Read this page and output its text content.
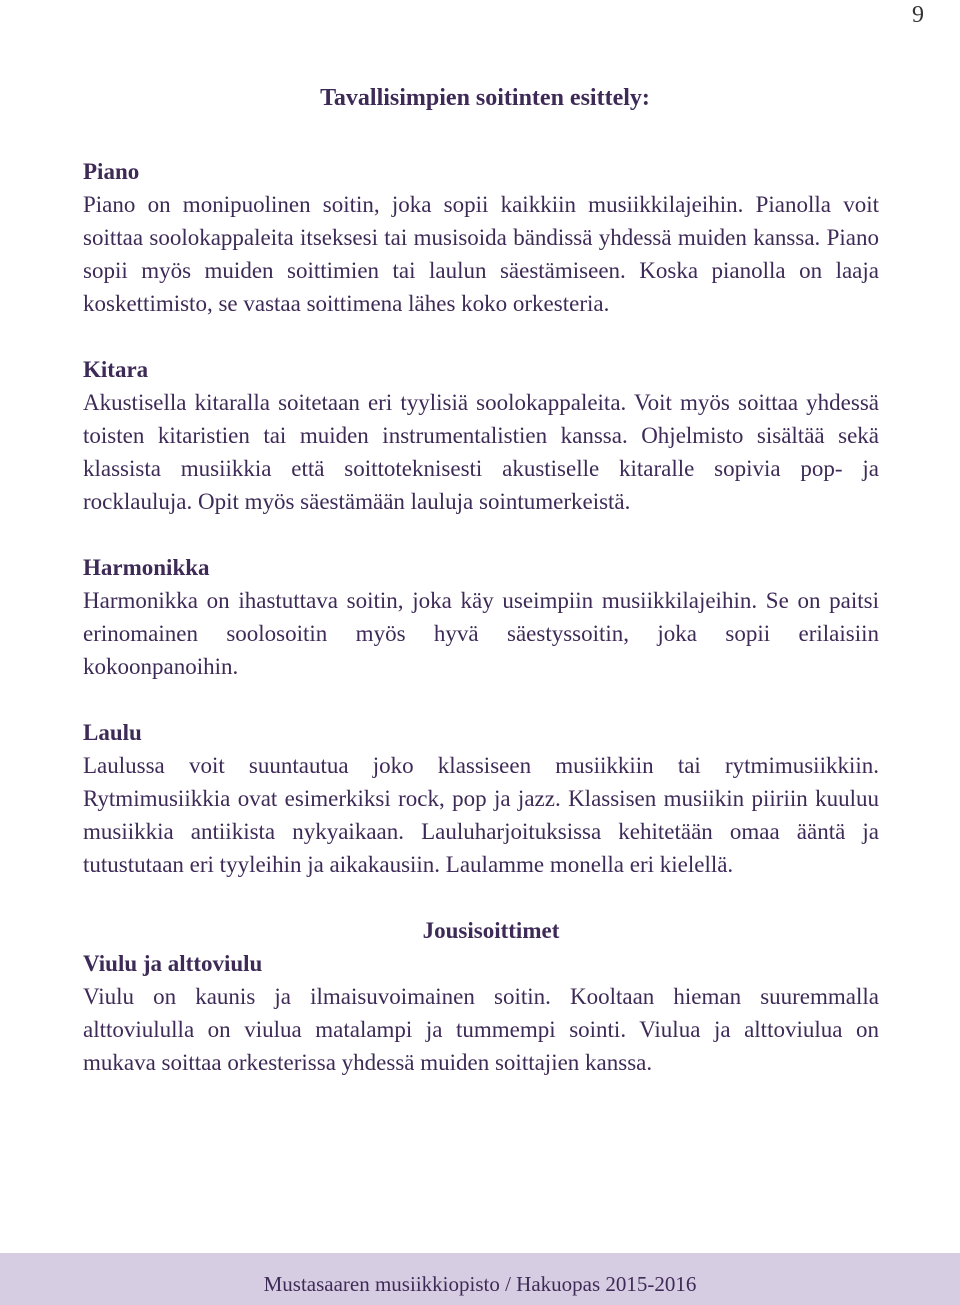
9
Tavallisimpien soitinten esittely:
Piano

Piano on monipuolinen soitin, joka sopii kaikkiin musiikkilajeihin. Pianolla voit soittaa soolokappaleita itseksesi tai musisoida bändissä yhdessä muiden kanssa. Piano sopii myös muiden soittimien tai laulun säestämiseen. Koska pianolla on laaja koskettimisto, se vastaa soittimena lähes koko orkesteria.

Kitara

Akustisella kitaralla soitetaan eri tyylisiä soolokappaleita. Voit myös soittaa yhdessä toisten kitaristien tai muiden instrumentalistien kanssa. Ohjelmisto sisältää sekä klassista musiikkia että soittoteknisesti akustiselle kitaralle sopivia pop- ja rocklauluja. Opit myös säestämään lauluja sointumerkeistä.

Harmonikka

Harmonikka on ihastuttava soitin, joka käy useimpiin musiikkilajeihin. Se on paitsi erinomainen soolosoitin myös hyvä säestyssoitin, joka sopii erilaisiin kokoonpanoihin.

Laulu

Laulussa voit suuntautua joko klassiseen musiikkiin tai rytmimusiikkiin. Rytmimusiikkia ovat esimerkiksi rock, pop ja jazz. Klassisen musiikin piiriin kuuluu musiikkia antiikista nykyaikaan. Lauluharjoituksissa kehitetään omaa ääntä ja tutustutaan eri tyyleihin ja aikakausiin. Laulamme monella eri kielellä.

Jousisoittimet
Viulu ja alttoviulu

Viulu on kaunis ja ilmaisuvoimainen soitin. Kooltaan hieman suuremmalla alttoviululla on viulua matalampi ja tummempi sointi. Viulua ja alttoviulua on mukava soittaa orkesterissa yhdessä muiden soittajien kanssa.

Mustasaaren musiikkiopisto / Hakuopas 2015-2016
